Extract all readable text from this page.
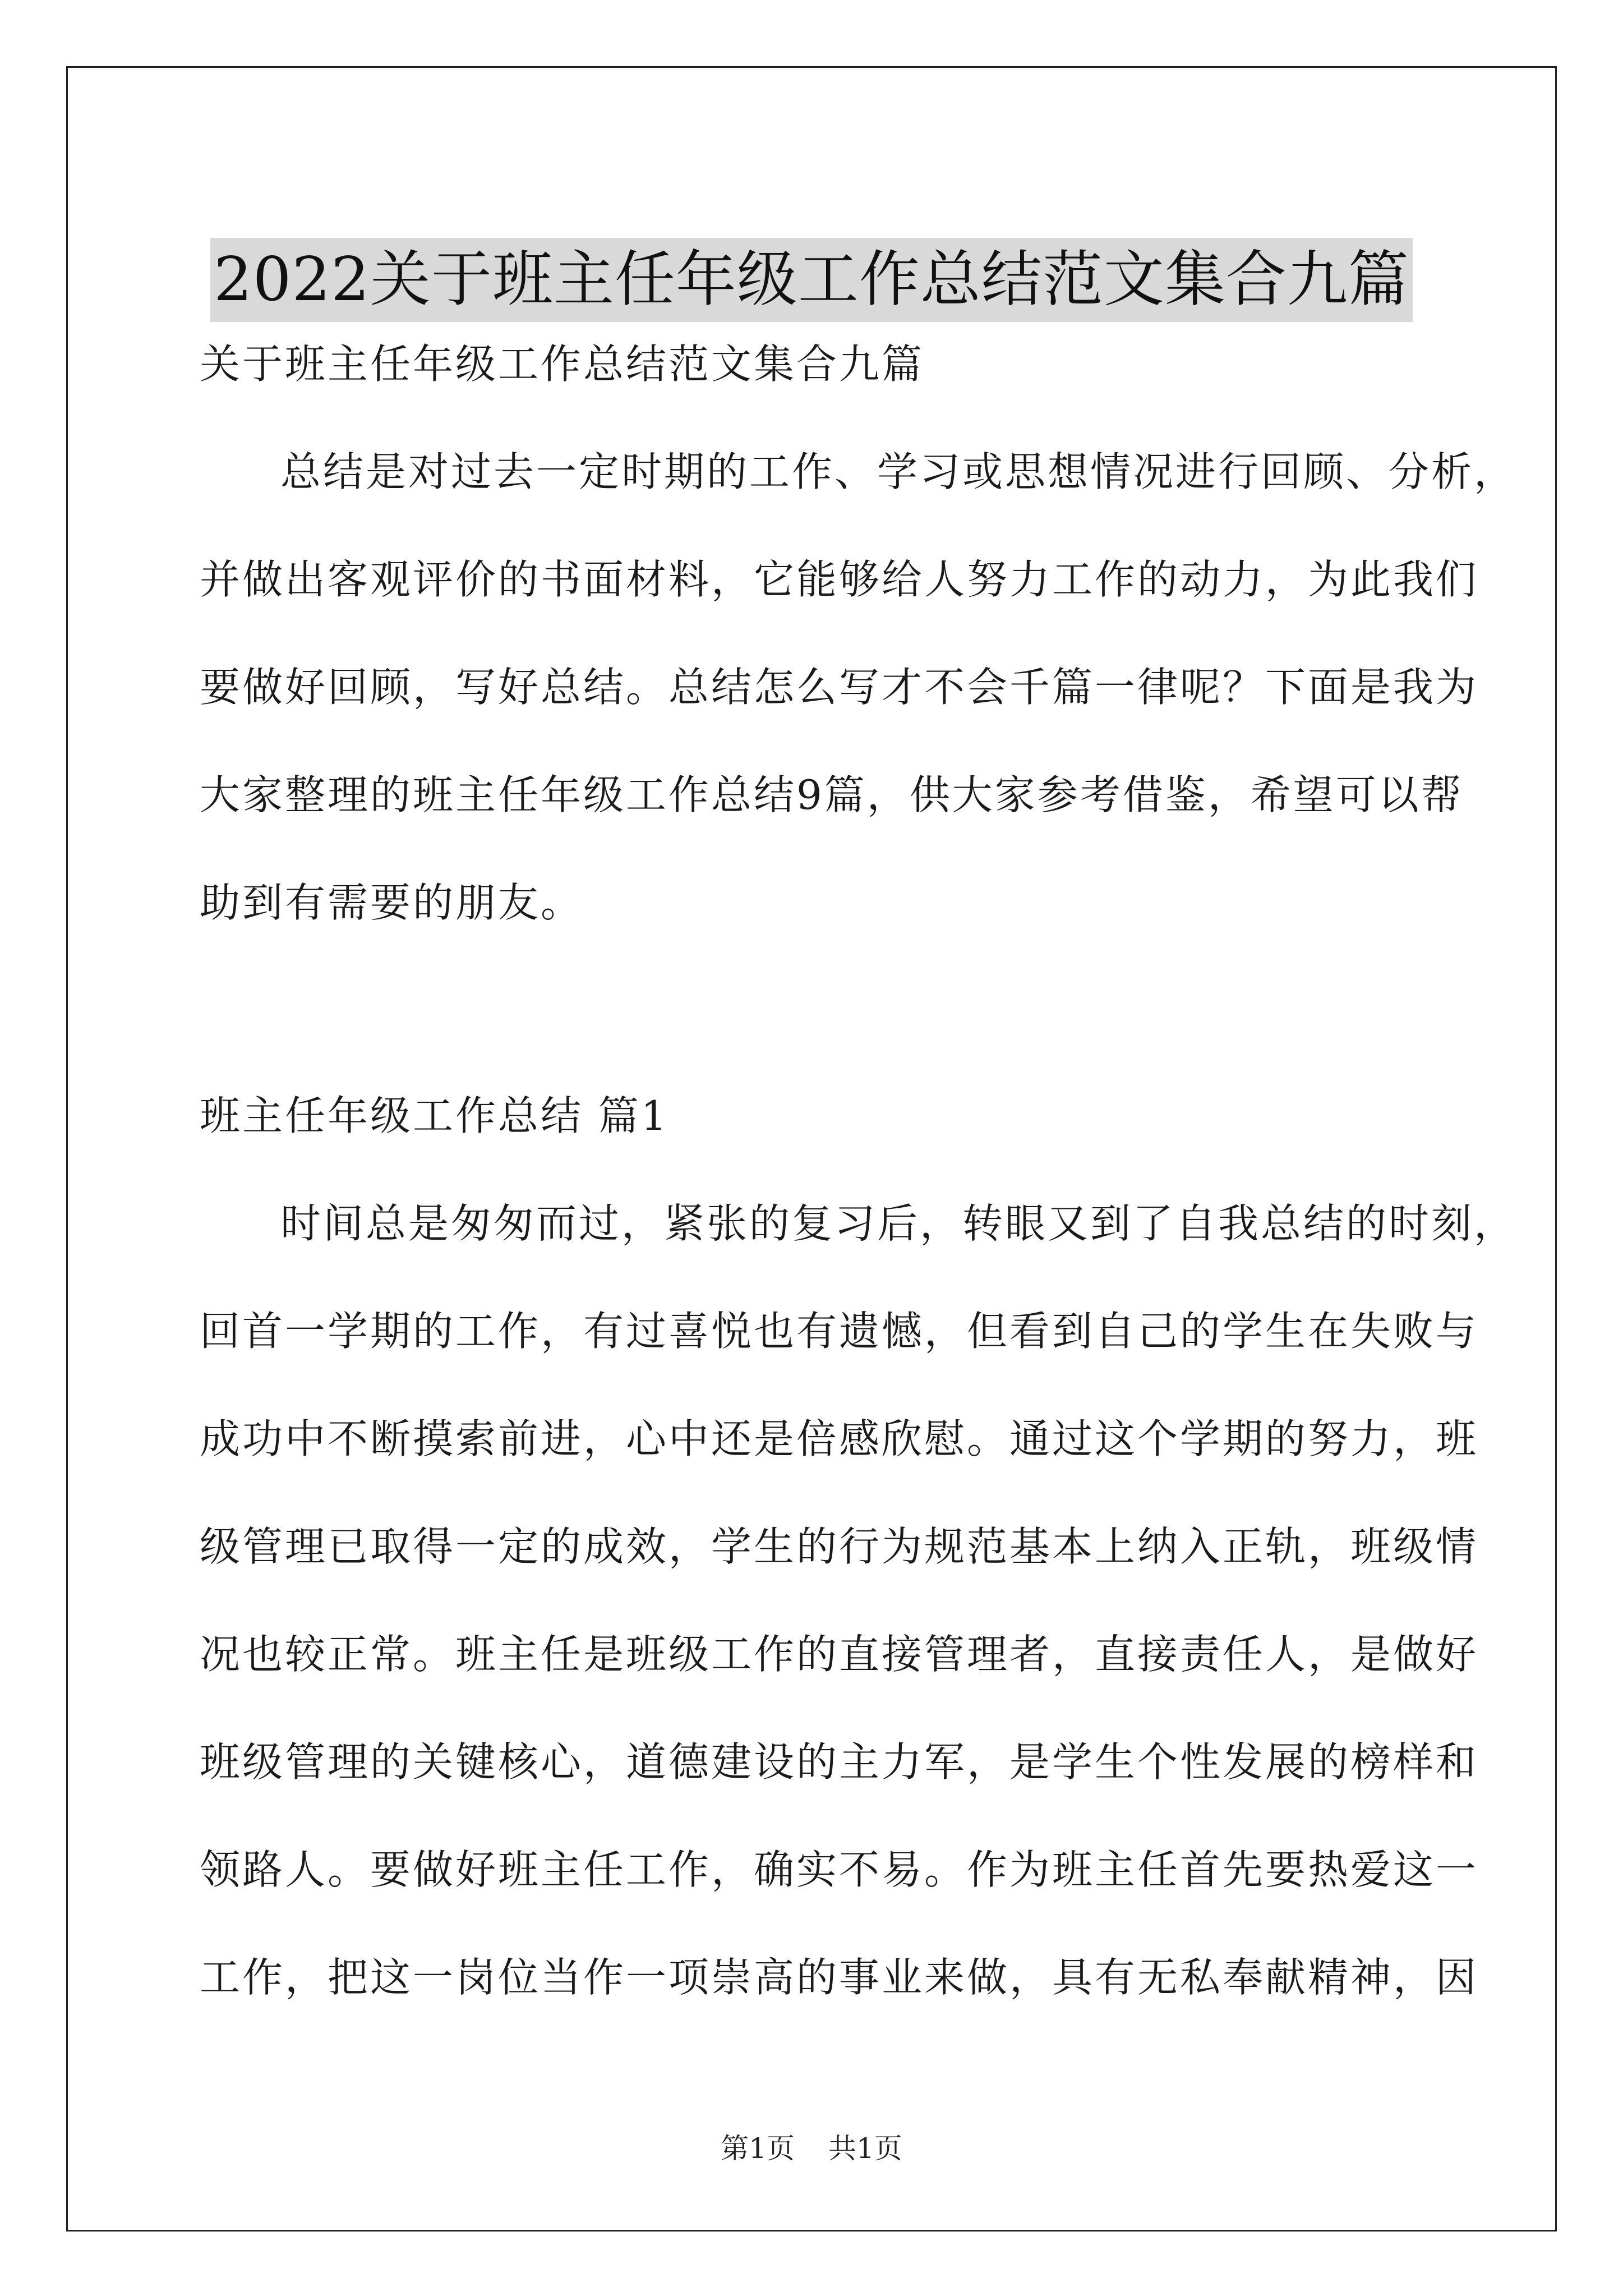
2022关于班主任年级工作总结范文集合九篇
关于班主任年级工作总结范文集合九篇
总结是对过去一定时期的工作、学习或思想情况进行回顾、分析，
并做出客观评价的书面材料，它能够给人努力工作的动力，为此我们
要做好回顾，写好总结。总结怎么写才不会千篇一律呢？下面是我为
大家整理的班主任年级工作总结9篇，供大家参考借鉴，希望可以帮
助到有需要的朋友。
班主任年级工作总结 篇1
时间总是匆匆而过，紧张的复习后，转眼又到了自我总结的时刻，
回首一学期的工作，有过喜悦也有遗憾，但看到自己的学生在失败与
成功中不断摸索前进，心中还是倍感欣慰。通过这个学期的努力，班
级管理已取得一定的成效，学生的行为规范基本上纳入正轨，班级情
况也较正常。班主任是班级工作的直接管理者，直接责任人，是做好
班级管理的关键核心，道德建设的主力军，是学生个性发展的榜样和
领路人。要做好班主任工作，确实不易。作为班主任首先要热爱这一
工作，把这一岗位当作一项崇高的事业来做，具有无私奉献精神，因
第1页 共1页
